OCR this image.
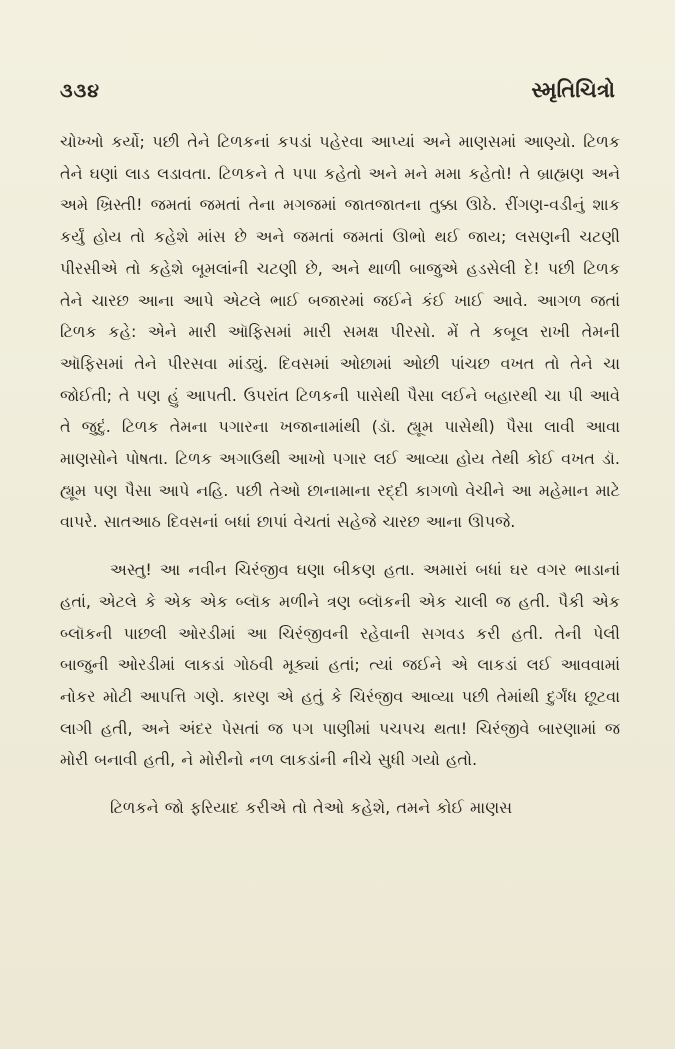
૩૩૪	સ્મૃતિચિત્રો

ચોખ્ખો કર્યો; પછી તેને ટિળકનાં કપડાં પહેરવા આપ્યાં અને માણસમાં આણ્યો. ટિળક તેને ઘણાં લાડ લડાવતા. ટિળકને તે પપા કહેતો અને મને મમા કહેતો! તે બ્રાહ્મણ અને અમે ખ્રિસ્તી! જમતાં જમતાં તેના મગજમાં જાતજાતના તુક્કા ઊઠે. રીંગણ-વડીનું શાક કર્યું હોય તો કહેશે માંસ છે અને જમતાં જમતાં ઊભો થઈ જાય; લસણની ચટણી પીરસીએ તો કહેશે બૂમલાંની ચટણી છે, અને થાળી બાજુએ હડસેલી દે! પછી ટિળક તેને ચારછ આના આપે એટલે ભાઈ બજારમાં જઈને કંઈ ખાઈ આવે. આગળ જતાં ટિળક કહે: એને મારી ઑફિસમાં મારી સમક્ષ પીરસો. મેં તે કબૂલ રાખી તેમની ઑફિસમાં તેને પીરસવા માંડ્યું. દિવસમાં ઓછામાં ઓછી પાંચછ વખત તો તેને ચા જોઈતી; તે પણ હું આપતી. ઉપરાંત ટિળકની પાસેથી પૈસા લઈને બહારથી ચા પી આવે તે જુદું. ટિળક તેમના પગારના ખજાનામાંથી (ડૉ. હ્યૂમ પાસેથી) પૈસા લાવી આવા માણસોને પોષતા. ટિળક અગાઉથી આખો પગાર લઈ આવ્યા હોય તેથી કોઈ વખત ડૉ. હ્યૂમ પણ પૈસા આપે નહિ. પછી તેઓ છાનામાના રદ્દી કાગળો વેચીને આ મહેમાન માટે વાપરે. સાતઆઠ દિવસનાં બધાં છાપાં વેચતાં સહેજે ચારછ આના ઊપજે.

અસ્તુ! આ નવીન ચિરંજીવ ઘણા બીકણ હતા. અમારાં બધાં ઘર વગર ભાડાનાં હતાં, એટલે કે એક એક બ્લૉક મળીને ત્રણ બ્લૉકની એક ચાલી જ હતી. પૈકી એક બ્લૉકની પાછલી ઓરડીમાં આ ચિરંજીવની રહેવાની સગવડ કરી હતી. તેની પેલી બાજુની ઓરડીમાં લાકડાં ગોઠવી મૂક્યાં હતાં; ત્યાં જઈને એ લાકડાં લઈ આવવામાં નોકર મોટી આપત્તિ ગણે. કારણ એ હતું કે ચિરંજીવ આવ્યા પછી તેમાંથી દુર્ગંધ છૂટવા લાગી હતી, અને અંદર પેસતાં જ પગ પાણીમાં પચપચ થતા! ચિરંજીવે બારણામાં જ મોરી બનાવી હતી, ને મોરીનો નળ લાકડાંની નીચે સુધી ગયો હતો.

ટિળકને જો ફરિયાદ કરીએ તો તેઓ કહેશે, તમને કોઈ માણસ
